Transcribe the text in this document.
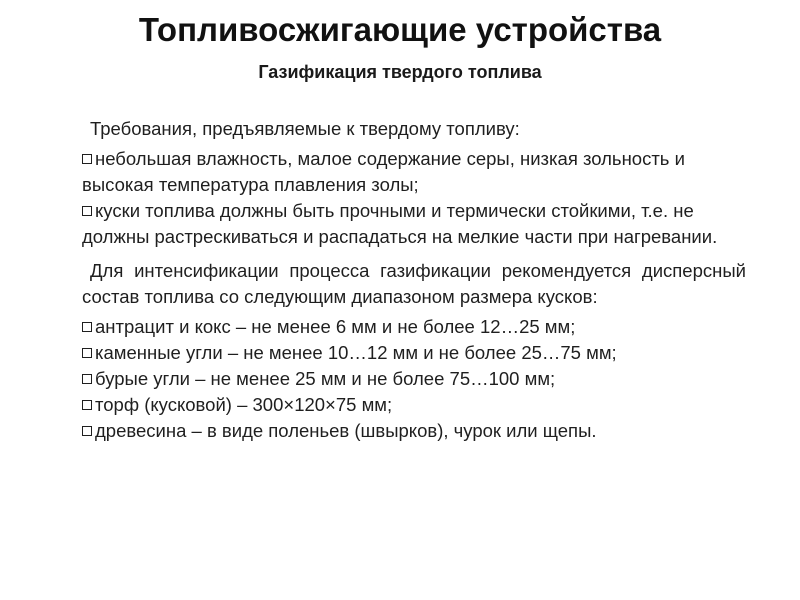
Топливосжигающие устройства
Газификация твердого топлива

Требования, предъявляемые к твердому топливу:

небольшая влажность, малое содержание серы, низкая зольность и высокая температура плавления золы;
куски топлива должны быть прочными и термически стойкими, т.е. не должны растрескиваться и распадаться на мелкие части при нагревании.

Для интенсификации процесса газификации рекомендуется дисперсный состав топлива со следующим диапазоном размера кусков:

антрацит и кокс – не менее 6 мм и не более 12…25 мм;
каменные угли – не менее 10…12 мм и не более 25…75 мм;
бурые угли – не менее 25 мм и не более 75…100 мм;
торф (кусковой) – 300×120×75 мм;
древесина – в виде поленьев (швырков), чурок или щепы.
